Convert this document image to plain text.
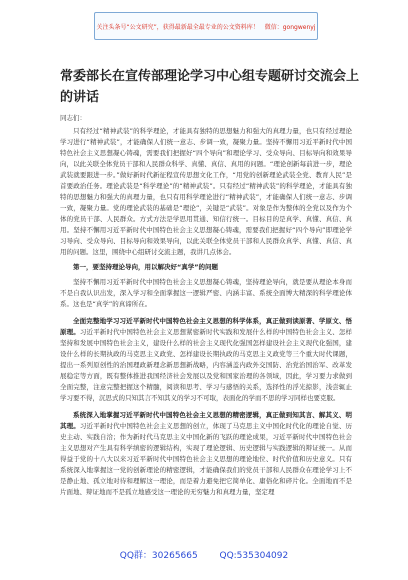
关注头条号“公文研究”，获得最新最全最专业的公文资料库！ 微信：gongwenyj
常委部长在宣传部理论学习中心组专题研讨交流会上的讲话

同志们：

只有经过“精神武装”的科学理论，才能具有独特的思想魅力和强大的真理力量，也只有经过理论学习进行“精神武装”，才能确保人们统一意志、步调一致，凝聚力量。坚持不懈用习近平新时代中国特色社会主义思想凝心铸魂，需要我们把握好“四个导向”和理论学习、受众导向、目标导向和效果导向，以此关联全体党员干部和人民群众科学、真懂、真信、真用的问题。“理论创新每前进一步，理论武装就要跟进一步。”做好新时代新征程宣传思想文化工作，“用党的创新理论武装全党、教育人民”是首要政治任务。理论武装是“科学理论”的“精神武装”。只有经过“精神武装”的科学理论，才能具有独特的思想魅力和强大的真理力量，也只有用科学理论进行“精神武装”，才能确保人们统一意志、步调一致，凝聚力量。党的理论武装的基础是“理论”，关键是“武装”。对象是作为整体的全党以及作为个体的党员干部、人民群众。方式方法是学思用贯通、知信行统一。目标目的是真学、真懂、真信、真用。坚持不懈用习近平新时代中国特色社会主义思想凝心铸魂，需要我们把握好“四个导向”即理论学习导向、受众导向、目标导向和效果导向，以此关联全体党员干部和人民群众真学、真懂、真信、真用的问题。这里，围绕中心组研讨交流主题，我讲几点体会。

第一，要坚持理论导向，用以解决好“真学”的问题

坚持不懈用习近平新时代中国特色社会主义思想凝心铸魂，坚持理论导向，就是要从理论本身而不是自我认识出发，深入学习和全面掌握这一逻辑严密、内涵丰富、系统全面博大精深的科学理论体系。这也是“真学”的真谛所在。

全面完整地学习习近平新时代中国特色社会主义思想的科学体系，真正做到读原著、学原文、悟原理。习近平新时代中国特色社会主义思想紧密新时代实践和发展什么样的中国特色社会主义、怎样坚持和发展中国特色社会主义，建设什么样的社会主义现代化强国怎样建设社会主义现代化强国，建设什么样的长期执政的马克思主义政党、怎样建设长期执政的马克思主义政党等三个重大时代课题，提出一系列原创性的治国理政新理念新思想新战略，内容涵盖内政外交国防、治党治国治军、改革发展稳定等方面，既有整体推进我国经济社会发展以及党和国家治理的各领域，因此，学习要力求做到全面完整，注意完整把握这个精髓，阅读和思考、学习与感悟的关系，选择性的浮光掠影，浅尝辄止学习要不得，沉思式的只知其言不知其义的学习不可取，表面化的学而不思的学习同样也要克服。

系统深入地掌握习近平新时代中国特色社会主义思想的精密逻辑，真正做到知其言、解其义、明其理。习近平新时代中国特色社会主义思想的创立，体现了马克思主义中国化时代化的理论自觉、历史主动、实践自洽；作为新时代马克思主义中国化新的飞跃的理论成果，习近平新时代中国特色社会主义思想对产生具有科学缜密的逻辑结构，实现了理论逻辑、历史逻辑与实践逻辑的辩证统一。从而得益于党的十八大以来习近平新时代中国特色社会主义思想的理论地位、时代价值和历史意义。只有系统深入地掌握这一党的创新理论的精密逻辑，才能确保我们的党员干部和人民群众在理论学习上不是静止地、孤立地对待和理解这一理论，而是着力避免把它简单化、庸俗化和碎片化。全面地而不是片面地、辩证地而不是孤立地感受这一理论的无穷魅力和真理力量，坚定理

QQ群：30265665 QQ:535304092
